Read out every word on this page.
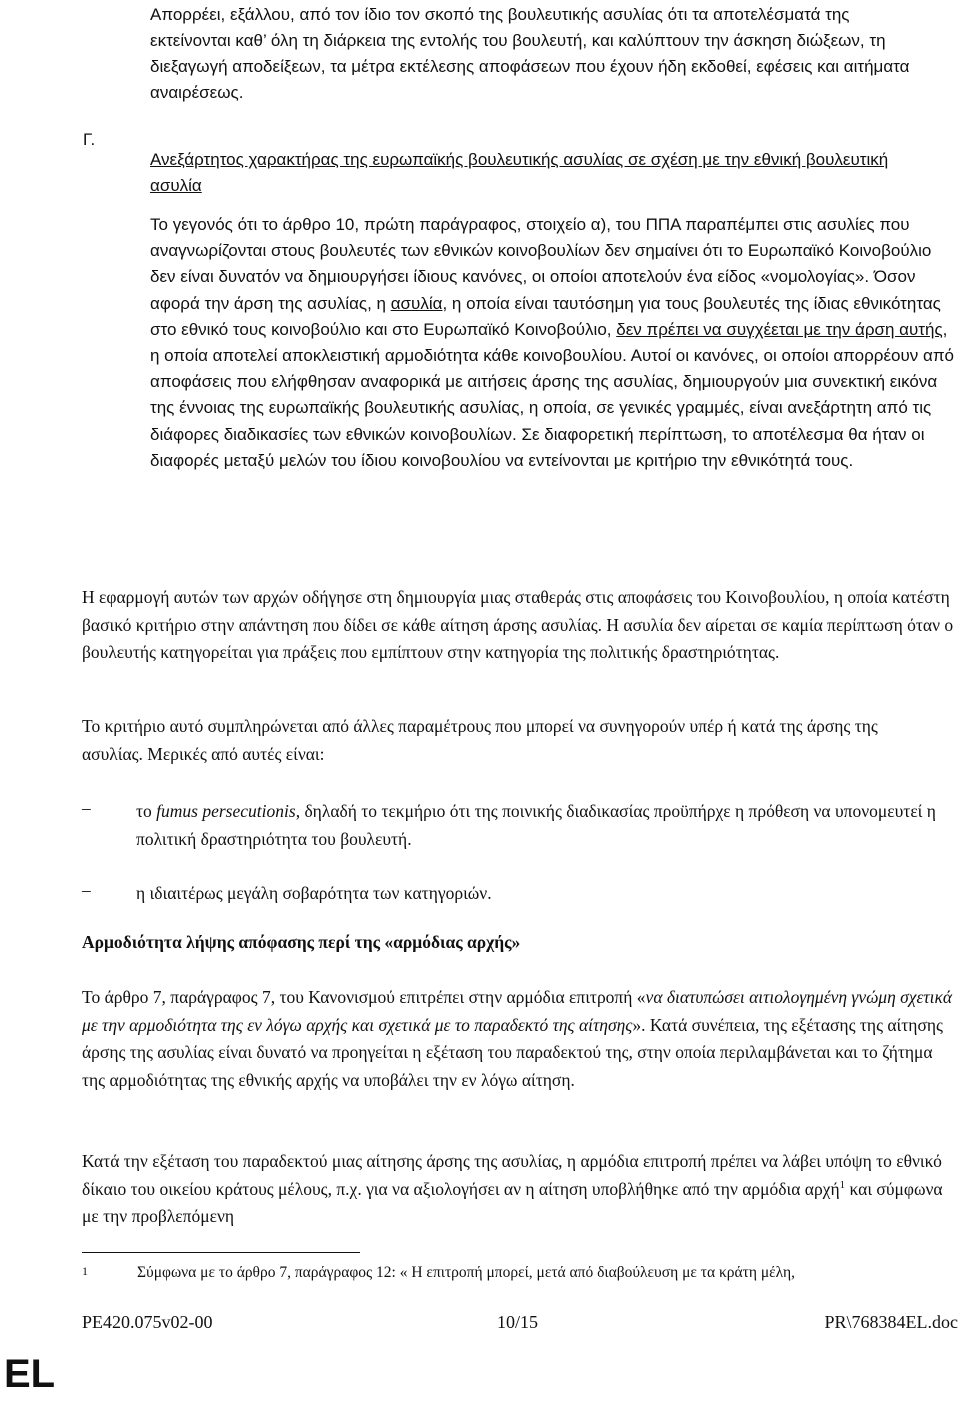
Απορρέει, εξάλλου, από τον ίδιο τον σκοπό της βουλευτικής ασυλίας ότι τα αποτελέσματά της εκτείνονται καθ’ όλη τη διάρκεια της εντολής του βουλευτή, και καλύπτουν την άσκηση διώξεων, τη διεξαγωγή αποδείξεων, τα μέτρα εκτέλεσης αποφάσεων που έχουν ήδη εκδοθεί, εφέσεις και αιτήματα αναιρέσεως.

Γ.

Ανεξάρτητος χαρακτήρας της ευρωπαϊκής βουλευτικής ασυλίας σε σχέση με την εθνική βουλευτική ασυλία

Το γεγονός ότι το άρθρο 10, πρώτη παράγραφος, στοιχείο α), του ΠΠΑ παραπέμπει στις ασυλίες που αναγνωρίζονται στους βουλευτές των εθνικών κοινοβουλίων δεν σημαίνει ότι το Ευρωπαϊκό Κοινοβούλιο δεν είναι δυνατόν να δημιουργήσει ίδιους κανόνες, οι οποίοι αποτελούν ένα είδος «νομολογίας». Όσον αφορά την άρση της ασυλίας, η ασυλία, η οποία είναι ταυτόσημη για τους βουλευτές της ίδιας εθνικότητας στο εθνικό τους κοινοβούλιο και στο Ευρωπαϊκό Κοινοβούλιο, δεν πρέπει να συγχέεται με την άρση αυτής, η οποία αποτελεί αποκλειστική αρμοδιότητα κάθε κοινοβουλίου. Αυτοί οι κανόνες, οι οποίοι απορρέουν από αποφάσεις που ελήφθησαν αναφορικά με αιτήσεις άρσης της ασυλίας, δημιουργούν μια συνεκτική εικόνα της έννοιας της ευρωπαϊκής βουλευτικής ασυλίας, η οποία, σε γενικές γραμμές, είναι ανεξάρτητη από τις διάφορες διαδικασίες των εθνικών κοινοβουλίων. Σε διαφορετική περίπτωση, το αποτέλεσμα θα ήταν οι διαφορές μεταξύ μελών του ίδιου κοινοβουλίου να εντείνονται με κριτήριο την εθνικότητά τους.

Η εφαρμογή αυτών των αρχών οδήγησε στη δημιουργία μιας σταθεράς στις αποφάσεις του Κοινοβουλίου, η οποία κατέστη βασικό κριτήριο στην απάντηση που δίδει σε κάθε αίτηση άρσης ασυλίας. Η ασυλία δεν αίρεται σε καμία περίπτωση όταν ο βουλευτής κατηγορείται για πράξεις που εμπίπτουν στην κατηγορία της πολιτικής δραστηριότητας.

Το κριτήριο αυτό συμπληρώνεται από άλλες παραμέτρους που μπορεί να συνηγορούν υπέρ ή κατά της άρσης της ασυλίας. Μερικές από αυτές είναι:

–	το fumus persecutionis, δηλαδή το τεκμήριο ότι της ποινικής διαδικασίας προϋπήρχε η πρόθεση να υπονομευτεί η πολιτική δραστηριότητα του βουλευτή.

–	η ιδιαιτέρως μεγάλη σοβαρότητα των κατηγοριών.

Αρμοδιότητα λήψης απόφασης περί της «αρμόδιας αρχής»

Το άρθρο 7, παράγραφος 7, του Κανονισμού επιτρέπει στην αρμόδια επιτροπή «να διατυπώσει αιτιολογημένη γνώμη σχετικά με την αρμοδιότητα της εν λόγω αρχής και σχετικά με το παραδεκτό της αίτησης». Κατά συνέπεια, της εξέτασης της αίτησης άρσης της ασυλίας είναι δυνατό να προηγείται η εξέταση του παραδεκτού της, στην οποία περιλαμβάνεται και το ζήτημα της αρμοδιότητας της εθνικής αρχής να υποβάλει την εν λόγω αίτηση.

Κατά την εξέταση του παραδεκτού μιας αίτησης άρσης της ασυλίας, η αρμόδια επιτροπή πρέπει να λάβει υπόψη το εθνικό δίκαιο του οικείου κράτους μέλους, π.χ. για να αξιολογήσει αν η αίτηση υποβλήθηκε από την αρμόδια αρχή$^1$ και σύμφωνα με την προβλεπόμενη

1	Σύμφωνα με το άρθρο 7, παράγραφος 12: « Η επιτροπή μπορεί, μετά από διαβούλευση με τα κράτη μέλη,

PE420.075v02-00	10/15	PR\768384EL.doc
EL
